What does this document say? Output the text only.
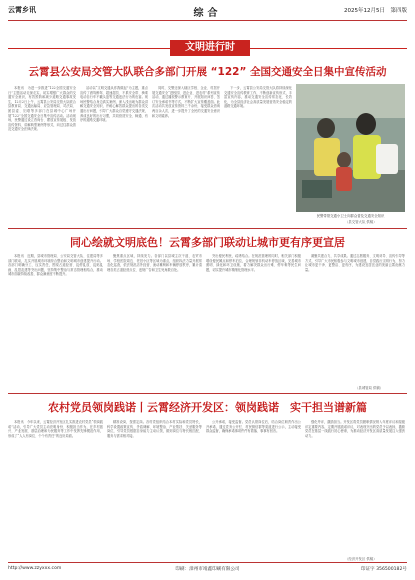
云霄乡讯	综合	2025年12月5日　第四版
文明进行时
云霄县公安局交管大队联合多部门开展 “122” 全国交通安全日集中宣传活动

本报讯　为进一步推进“122全国交通安全日”主题活动走深走实，切实增强广大群众的交通安全意识，有效预防和减少道路交通事故发生，12月2日上午，云霄县公安局交管大队联合县教育局、交通运输局、应急管理局、司法局、团县委、妇联等多部门在县城中心广场开展“122”全国交通安全日集中宣传活动。活动现场，民警通过设立咨询台、摆放宣传展板、发放宣传资料、讲解典型案例等形式，向过往群众普及交通安全法律法规。

活动以“文明交通从你我做起”为主题，重点宣传了酒驾醉驾、超速超员、不系安全带、骑乘电动自行车不戴头盔等交通违法行为的危害。现场民警结合身边真实案例，深入浅出地为群众讲解交通安全知识，并耐心解答群众提出的各类交通出行问题，引导广大群众自觉遵守交通法规，养成良好的出行习惯，共同营造安全、畅通、有序的道路交通环境。

同时，交警还深入辖区学校、企业、村居开展交通安全“进校园、进企业、进农村”系列宣传活动，通过播放警示教育片、开展知识问答、签订安全承诺书等方式，不断扩大宣传覆盖面。此次活动共发放宣传资料三千余份，接受群众咨询两百余人次，进一步提升了全民的交通安全意识和文明素养。

下一步，云霄县公安局交管大队将持续深化交通安全宣传教育工作，不断创新宣传形式，丰富宣传内容，推动交通安全宣传常态化、长效化，为全县经济社会高质量发展营造安全稳定的道路交通环境。

民警带领交通小卫士向群众普及交通安全知识
（县交管大队 供稿）
同心绘就文明底色！云霄多部门联动让城市更有序更宣居

本报讯　近期，县城市管理局、公安局交管大队、住建局等多部门联动，扎实开展城市环境综合整治和文明城市创建提升行动。各部门明确分工、压实责任，围绕占道经营、乱停乱放、乱贴乱画、乱搭乱建等突出问题，坚持集中整治与常态管理相结合，推动城市面貌持续改善，群众满意度不断提升。

聚焦重点区域，持续发力。各部门以县城主次干道、农贸市场、学校医院周边、老旧小区等区域为重点，组织执法力量开展常态化巡查，依法规范店外经营、流动摊贩和车辆停放秩序，累计清理各类占道经营点位、违规广告和卫生死角数百处。

突出便民利民，疏堵结合。在规范管理的同时，相关部门积极增设便民摊点和停车泊位，合理规划非机动车停放区域，完善城市照明、绿化和环卫设施，着力解决群众出行难、停车难等民生问题，切实提升城市精细化管理水平。

凝聚共建合力，共享成果。通过志愿服务、文明劝导、宣传引导等方式，引导广大市民积极参与文明城市创建，自觉践行文明行为，努力让城市更干净、更整洁、更有序，为建设宜居宜业的美丽云霄贡献力量。

（县城管局 供稿）
农村党员领岗践诺丨云霄经济开发区：领岗践诺　实干担当谱新篇

本报讯　今年以来，云霄经济开发区扎实推进农村党员“领岗践诺”活动，引导广大党员主动亮明身份、积极担当作为，在乡村振兴、产业发展、基层治理和为民服务等工作中发挥先锋模范作用，形成了“人人有岗位、个个有责任”的良好局面。

精准设岗，按需定岗。各村党组织结合本村实际和党员特长，科学设置政策宣传、矛盾调解、环境整治、产业帮扶、关爱服务等岗位，引导党员根据自身能力主动认领，做到岗位与特长相匹配、服务与需求相对接。

公开承诺，接受监督。党员认领岗位后，结合岗位职责作出公开承诺，通过党务公开栏、村民微信群等渠道进行公示，主动接受群众监督，确保承诺事项件件有着落、事事有回音。

强化考评，激励担当。开发区将党员履职情况纳入年度评议和星级评定重要内容，定期开展践诺评议，对表现突出的党员予以表扬，激励党员在基层一线践行初心使命，为推动经济开发区高质量发展注入强劲动力。

（经济开发区 供稿）
http://www.zzyxxx.com	印刷：漳州市靖鑫印刷有限公司	印证字 356500182号
